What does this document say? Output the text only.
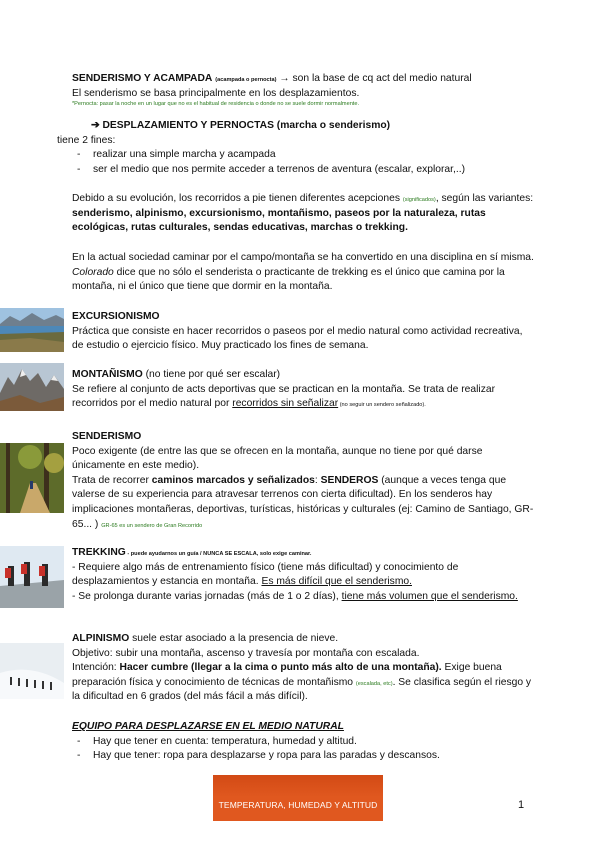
SENDERISMO Y ACAMPADA (acampada o pernocta) → son la base de cq act del medio natural

El senderismo se basa principalmente en los desplazamientos.

*Pernocta: pasar la noche en un lugar que no es el habitual de residencia o donde no se suele dormir normalmente.

➔ DESPLAZAMIENTO Y PERNOCTAS (marcha o senderismo)

tiene 2 fines:

- realizar una simple marcha y acampada
- ser el medio que nos permite acceder a terrenos de aventura (escalar, explorar,..)

Debido a su evolución, los recorridos a pie tienen diferentes acepciones (significados), según las variantes: senderismo, alpinismo, excursionismo, montañismo, paseos por la naturaleza, rutas ecológicas, rutas culturales, sendas educativas, marchas o trekking.

En la actual sociedad caminar por el campo/montaña se ha convertido en una disciplina en sí misma. Colorado dice que no sólo el senderista o practicante de trekking es el único que camina por la montaña, ni el único que tiene que dormir en la montaña.

EXCURSIONISMO

Práctica que consiste en hacer recorridos o paseos por el medio natural como actividad recreativa, de estudio o ejercicio físico. Muy practicado los fines de semana.

MONTAÑISMO (no tiene por qué ser escalar)

Se refiere al conjunto de acts deportivas que se practican en la montaña. Se trata de realizar recorridos por el medio natural por recorridos sin señalizar (no seguir un sendero señalizado).

SENDERISMO

Poco exigente (de entre las que se ofrecen en la montaña, aunque no tiene por qué darse únicamente en este medio).

Trata de recorrer caminos marcados y señalizados: SENDEROS (aunque a veces tenga que valerse de su experiencia para atravesar terrenos con cierta dificultad). En los senderos hay implicaciones montañeras, deportivas, turísticas, históricas y culturales (ej: Camino de Santiago, GR-65... ) GR-65 es un sendero de Gran Recorrido

TREKKING - puede ayudarnos un guía / NUNCA SE ESCALA, solo exige caminar.

- Requiere algo más de entrenamiento físico (tiene más dificultad) y conocimiento de desplazamientos y estancia en montaña. Es más difícil que el senderismo.

- Se prolonga durante varias jornadas (más de 1 o 2 días), tiene más volumen que el senderismo.

ALPINISMO suele estar asociado a la presencia de nieve.

Objetivo: subir una montaña, ascenso y travesía por montaña con escalada.

Intención: Hacer cumbre (llegar a la cima o punto más alto de una montaña). Exige buena preparación física y conocimiento de técnicas de montañismo (escalada, etc). Se clasifica según el riesgo y la dificultad en 6 grados (del más fácil a más difícil).

EQUIPO PARA DESPLAZARSE EN EL MEDIO NATURAL

- Hay que tener en cuenta: temperatura, humedad y altitud.
- Hay que tener: ropa para desplazarse y ropa para las paradas y descansos.
TEMPERATURA, HUMEDAD Y ALTITUD	1
